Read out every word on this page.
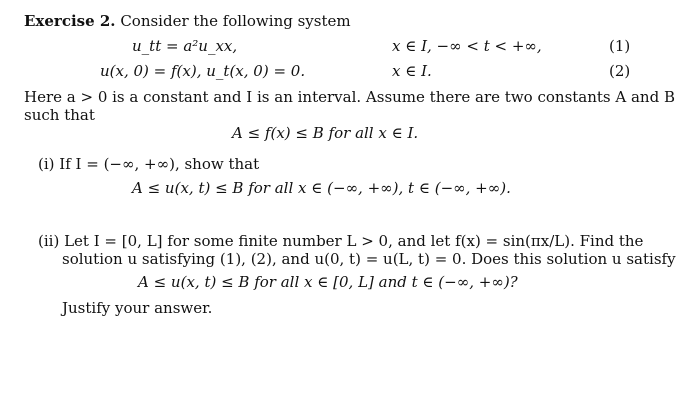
Exercise 2. Consider the following system
u_tt = a²u_xx,	x ∈ I, −∞ < t < +∞,	(1)
u(x, 0) = f(x), u_t(x, 0) = 0.	x ∈ I.	(2)
Here a > 0 is a constant and I is an interval. Assume there are two constants A and B
such that
A ≤ f(x) ≤ B for all x ∈ I.
(i) If I = (−∞, +∞), show that
A ≤ u(x, t) ≤ B for all x ∈ (−∞, +∞), t ∈ (−∞, +∞).
(ii) Let I = [0, L] for some finite number L > 0, and let f(x) = sin(πx/L). Find the
solution u satisfying (1), (2), and u(0, t) = u(L, t) = 0. Does this solution u satisfy
A ≤ u(x, t) ≤ B for all x ∈ [0, L] and t ∈ (−∞, +∞)?
Justify your answer.
